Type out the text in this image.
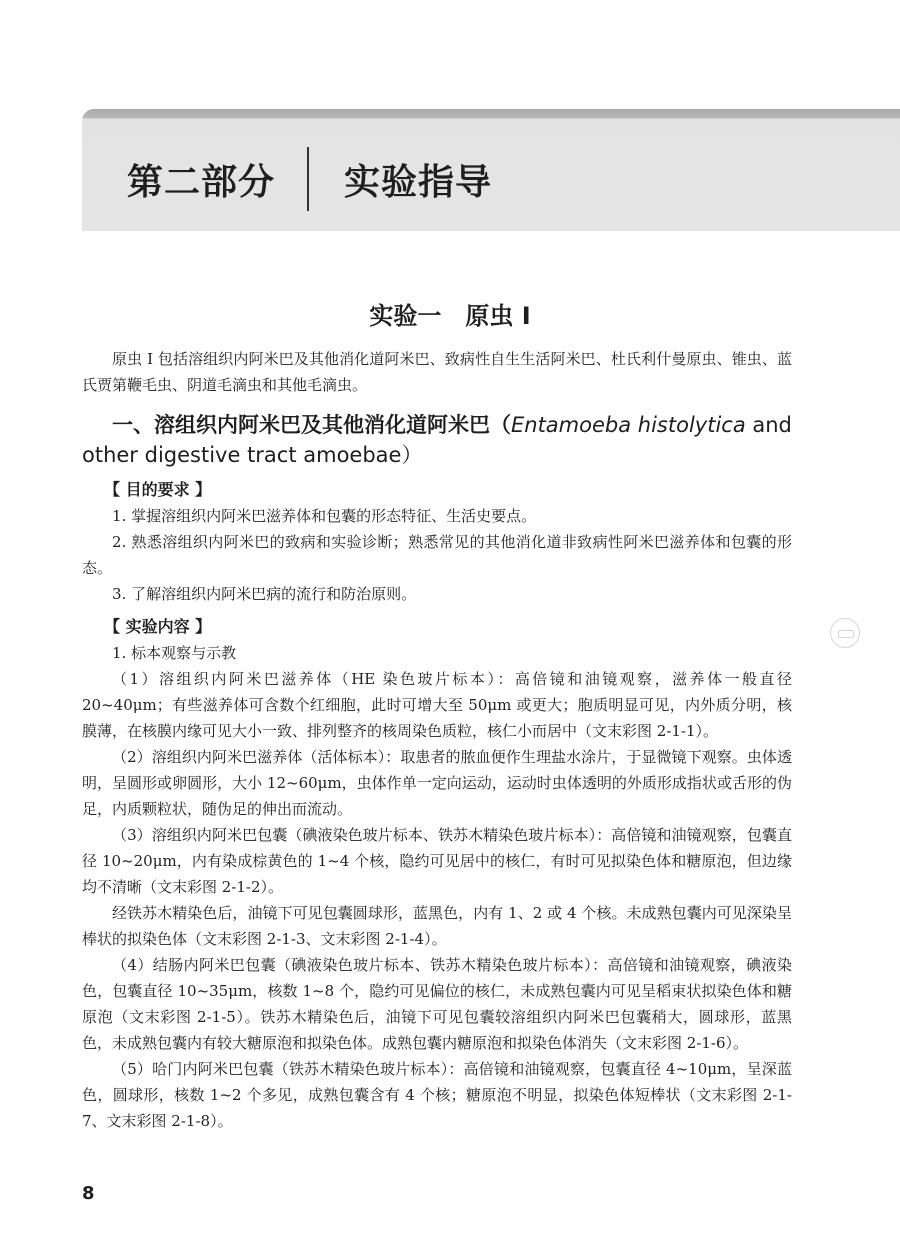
第二部分 实验指导
实验一 原虫 I

原虫 I 包括溶组织内阿米巴及其他消化道阿米巴、致病性自生生活阿米巴、杜氏利什曼原虫、锥虫、蓝氏贾第鞭毛虫、阴道毛滴虫和其他毛滴虫。

一、溶组织内阿米巴及其他消化道阿米巴（Entamoeba histolytica and other digestive tract amoebae）
【 目的要求 】

1. 掌握溶组织内阿米巴滋养体和包囊的形态特征、生活史要点。

2. 熟悉溶组织内阿米巴的致病和实验诊断；熟悉常见的其他消化道非致病性阿米巴滋养体和包囊的形态。

3. 了解溶组织内阿米巴病的流行和防治原则。

【 实验内容 】

1. 标本观察与示教

（1）溶组织内阿米巴滋养体（HE 染色玻片标本）：高倍镜和油镜观察，滋养体一般直径 20~40μm；有些滋养体可含数个红细胞，此时可增大至 50μm 或更大；胞质明显可见，内外质分明，核膜薄，在核膜内缘可见大小一致、排列整齐的核周染色质粒，核仁小而居中（文末彩图 2-1-1）。

（2）溶组织内阿米巴滋养体（活体标本）：取患者的脓血便作生理盐水涂片，于显微镜下观察。虫体透明，呈圆形或卵圆形，大小 12~60μm，虫体作单一定向运动，运动时虫体透明的外质形成指状或舌形的伪足，内质颗粒状，随伪足的伸出而流动。

（3）溶组织内阿米巴包囊（碘液染色玻片标本、铁苏木精染色玻片标本）：高倍镜和油镜观察，包囊直径 10~20μm，内有染成棕黄色的 1~4 个核，隐约可见居中的核仁，有时可见拟染色体和糖原泡，但边缘均不清晰（文末彩图 2-1-2）。

经铁苏木精染色后，油镜下可见包囊圆球形，蓝黑色，内有 1、2 或 4 个核。未成熟包囊内可见深染呈棒状的拟染色体（文末彩图 2-1-3、文末彩图 2-1-4）。

（4）结肠内阿米巴包囊（碘液染色玻片标本、铁苏木精染色玻片标本）：高倍镜和油镜观察，碘液染色，包囊直径 10~35μm，核数 1~8 个，隐约可见偏位的核仁，未成熟包囊内可见呈稻束状拟染色体和糖原泡（文末彩图 2-1-5）。铁苏木精染色后，油镜下可见包囊较溶组织内阿米巴包囊稍大，圆球形，蓝黑色，未成熟包囊内有较大糖原泡和拟染色体。成熟包囊内糖原泡和拟染色体消失（文末彩图 2-1-6）。

（5）哈门内阿米巴包囊（铁苏木精染色玻片标本）：高倍镜和油镜观察，包囊直径 4~10μm，呈深蓝色，圆球形，核数 1~2 个多见，成熟包囊含有 4 个核；糖原泡不明显，拟染色体短棒状（文末彩图 2-1-7、文末彩图 2-1-8）。

8
